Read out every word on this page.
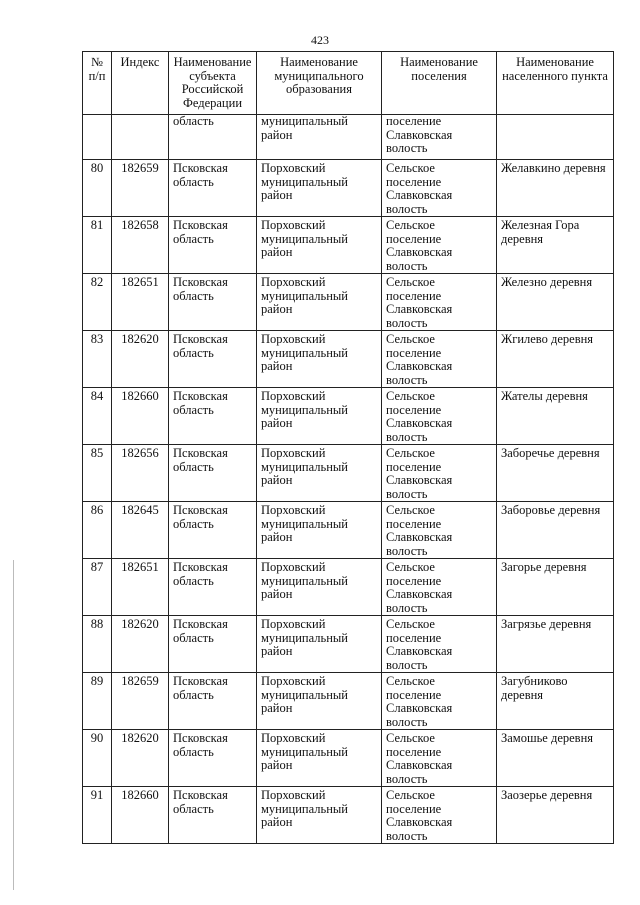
423
№ п/п	Индекс	Наименование субъекта Российской Федерации	Наименование муниципального образования	Наименование поселения	Наименование населенного пункта
		область	муниципальный район	поселение Славковская волость	
80	182659	Псковская область	Порховский муниципальный район	Сельское поселение Славковская волость	Желавкино деревня
81	182658	Псковская область	Порховский муниципальный район	Сельское поселение Славковская волость	Железная Гора деревня
82	182651	Псковская область	Порховский муниципальный район	Сельское поселение Славковская волость	Железно деревня
83	182620	Псковская область	Порховский муниципальный район	Сельское поселение Славковская волость	Жгилево деревня
84	182660	Псковская область	Порховский муниципальный район	Сельское поселение Славковская волость	Жателы деревня
85	182656	Псковская область	Порховский муниципальный район	Сельское поселение Славковская волость	Заборечье деревня
86	182645	Псковская область	Порховский муниципальный район	Сельское поселение Славковская волость	Заборовье деревня
87	182651	Псковская область	Порховский муниципальный район	Сельское поселение Славковская волость	Загорье деревня
88	182620	Псковская область	Порховский муниципальный район	Сельское поселение Славковская волость	Загрязье деревня
89	182659	Псковская область	Порховский муниципальный район	Сельское поселение Славковская волость	Загубниково деревня
90	182620	Псковская область	Порховский муниципальный район	Сельское поселение Славковская волость	Замошье деревня
91	182660	Псковская область	Порховский муниципальный район	Сельское поселение Славковская волость	Заозерье деревня
